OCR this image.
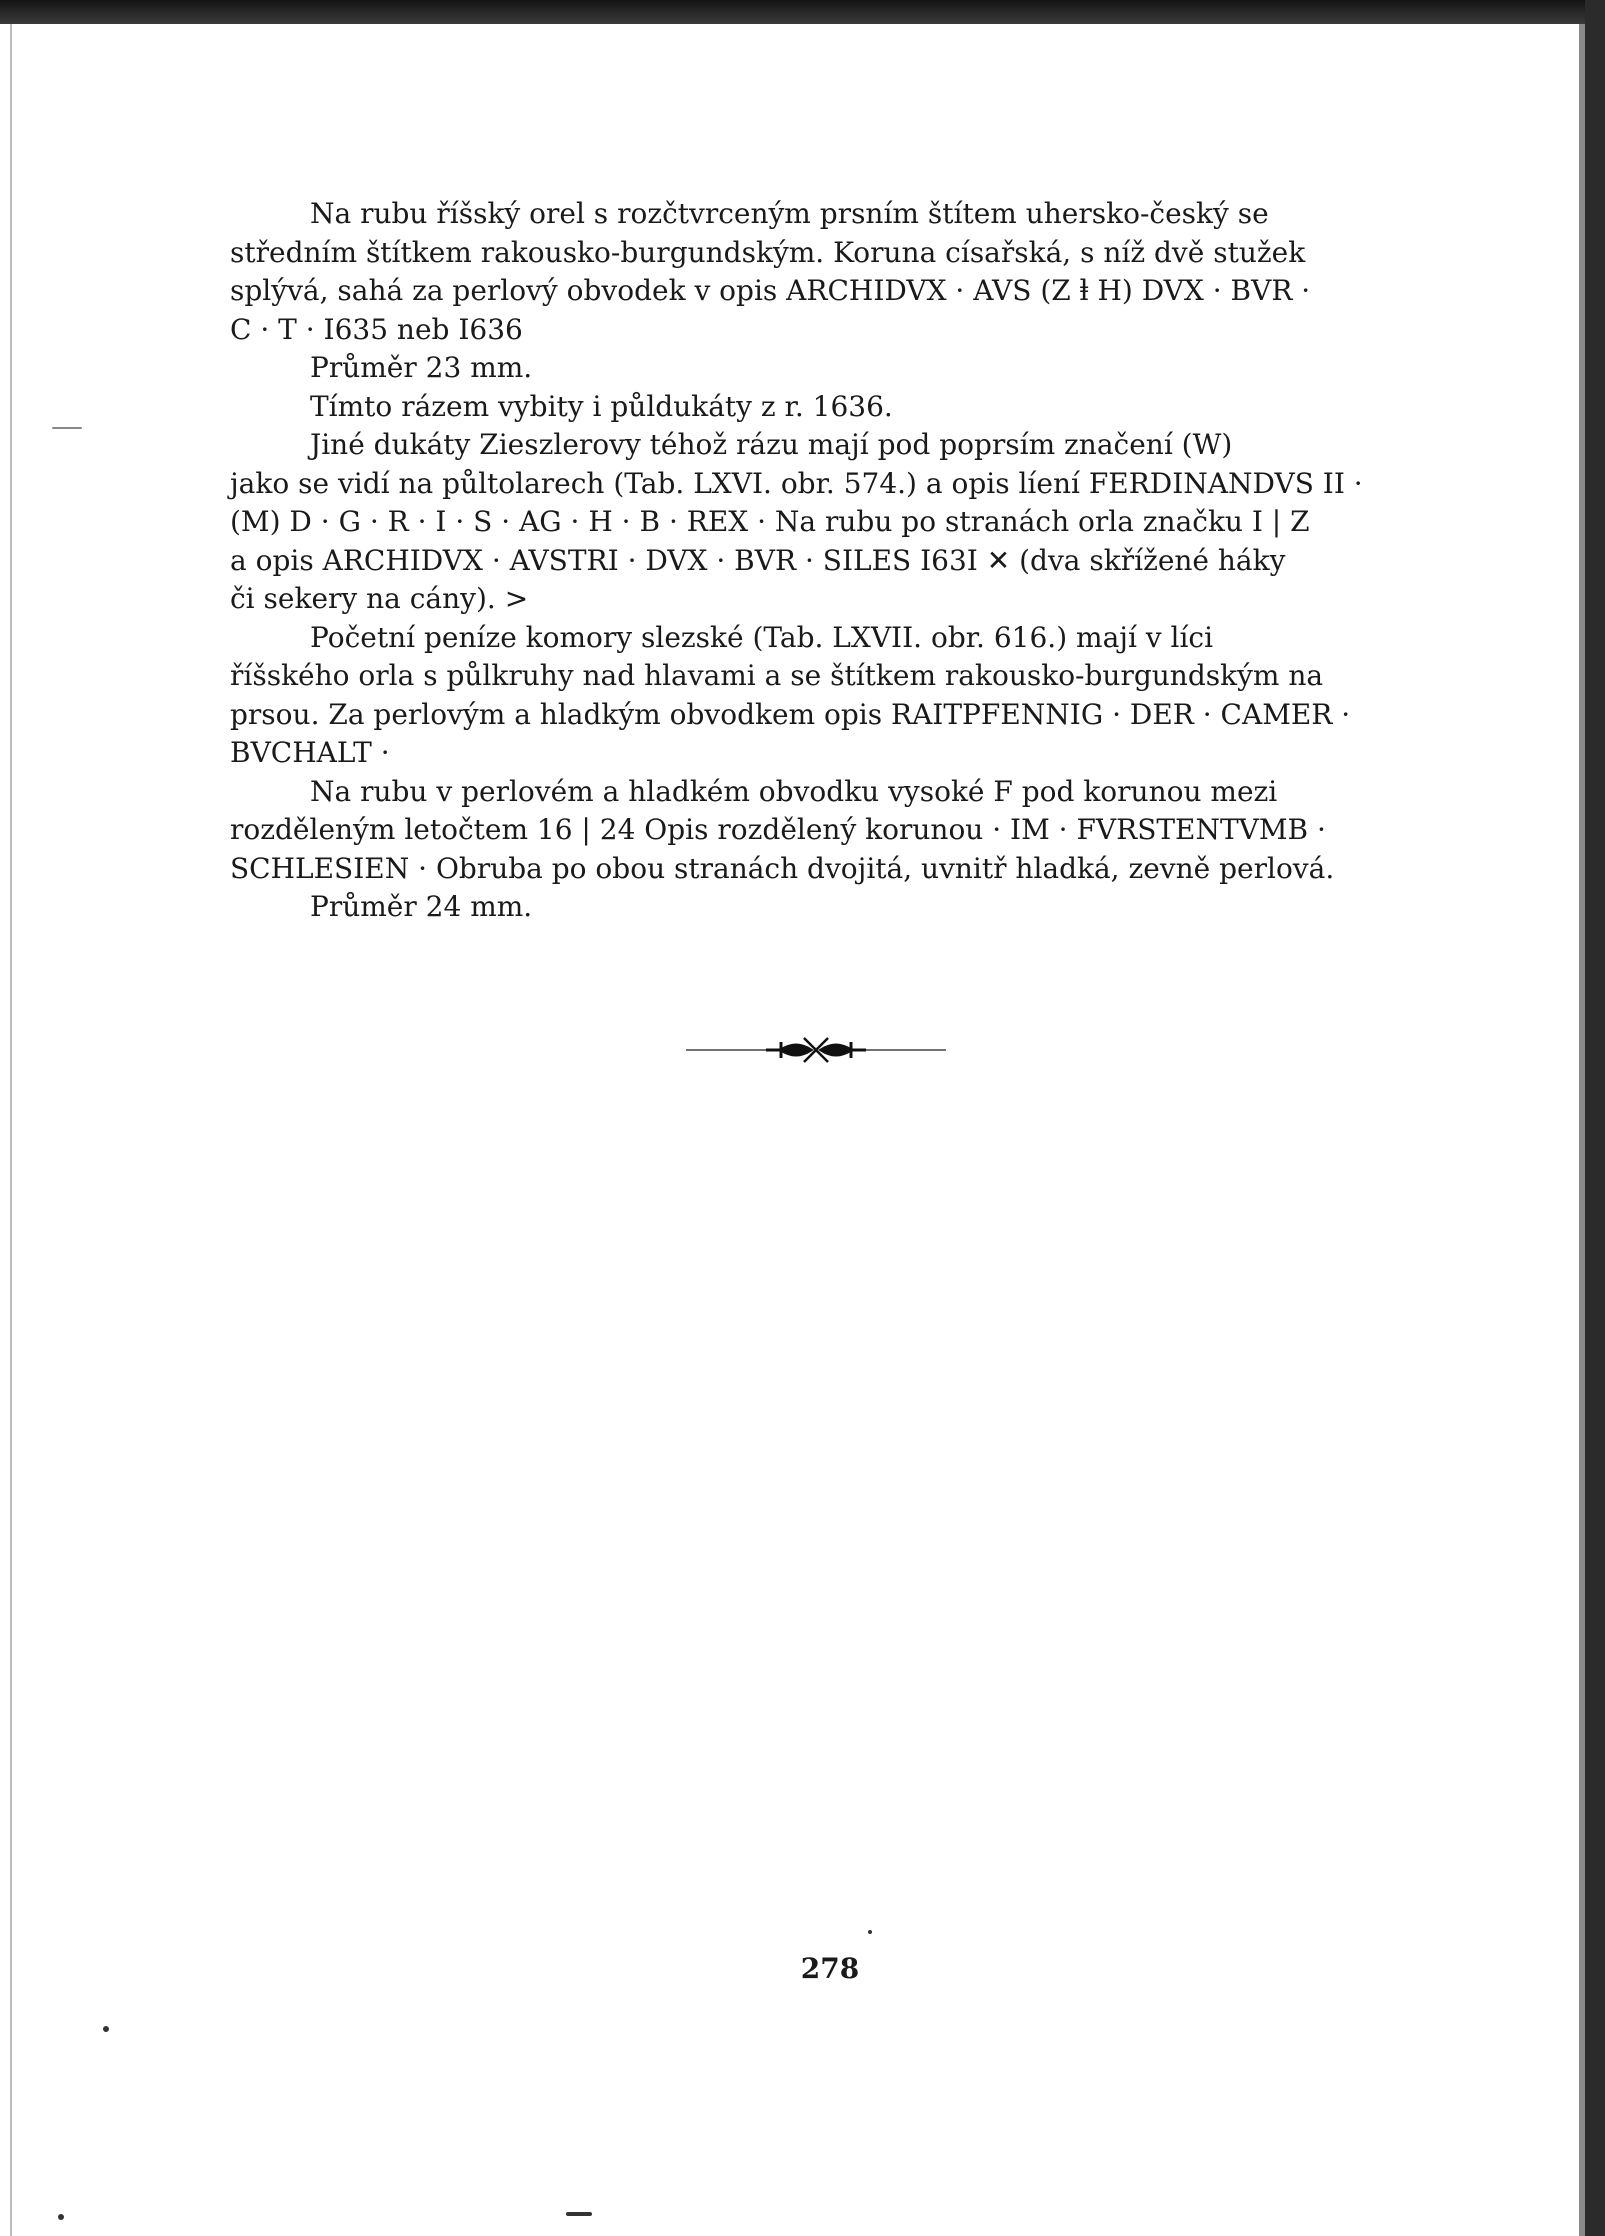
Na rubu říšský orel s rozčtvrceným prsním štítem uhersko-český se
středním štítkem rakousko-burgundským. Koruna císařská, s níž dvě stužek
splývá, sahá za perlový obvodek v opis ARCHIDVX · AVS (Z ⱡ H) DVX · BVR ·
C · T · I635 neb I636

Průměr 23 mm.

Tímto rázem vybity i půldukáty z r. 1636.

Jiné dukáty Zieszlerovy téhož rázu mají pod poprsím značení (W)
jako se vidí na půltolarech (Tab. LXVI. obr. 574.) a opis líení FERDINANDVS II ·
(M) D · G · R · I · S · AG · H · B · REX · Na rubu po stranách orla značku I | Z
a opis ARCHIDVX · AVSTRI · DVX · BVR · SILES I63I ✕ (dva skřížené háky
či sekery na cány). >

Početní peníze komory slezské (Tab. LXVII. obr. 616.) mají v líci
říšského orla s půlkruhy nad hlavami a se štítkem rakousko-burgundským na
prsou. Za perlovým a hladkým obvodkem opis RAITPFENNIG · DER · CAMER ·
BVCHALT ·

Na rubu v perlovém a hladkém obvodku vysoké F pod korunou mezi
rozděleným letočtem 16 | 24 Opis rozdělený korunou · IM · FVRSTENTVMB ·
SCHLESIEN · Obruba po obou stranách dvojitá, uvnitř hladká, zevně perlová.

Průměr 24 mm.

278
